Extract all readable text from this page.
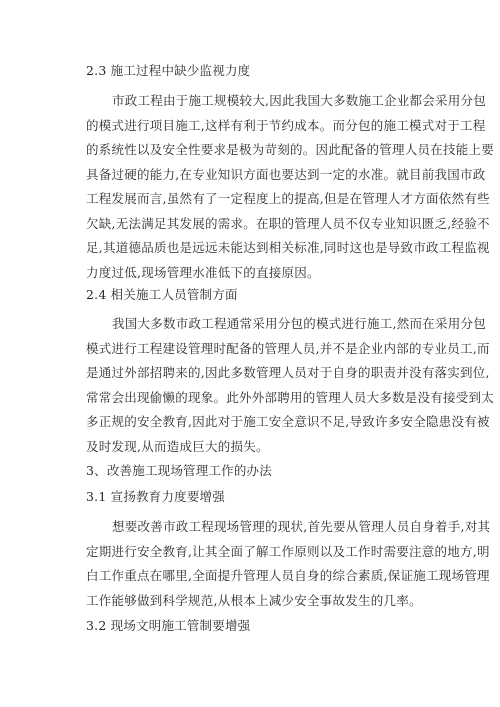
2.3 施工过程中缺少监视力度
市政工程由于施工规模较大,因此我国大多数施工企业都会采用分包
的模式进行项目施工,这样有利于节约成本。而分包的施工模式对于工程
的系统性以及安全性要求是极为苛刻的。因此配备的管理人员在技能上要
具备过硬的能力,在专业知识方面也要达到一定的水准。就目前我国市政
工程发展而言,虽然有了一定程度上的提高,但是在管理人才方面依然有些
欠缺,无法满足其发展的需求。在职的管理人员不仅专业知识匮乏,经验不
足,其道德品质也是远远未能达到相关标准,同时这也是导致市政工程监视
力度过低,现场管理水准低下的直接原因。
2.4 相关施工人员管制方面
我国大多数市政工程通常采用分包的模式进行施工,然而在采用分包
模式进行工程建设管理时配备的管理人员,并不是企业内部的专业员工,而
是通过外部招聘来的,因此多数管理人员对于自身的职责并没有落实到位,
常常会出现偷懒的现象。此外外部聘用的管理人员大多数是没有接受到太
多正规的安全教育,因此对于施工安全意识不足,导致许多安全隐患没有被
及时发现,从而造成巨大的损失。
3、改善施工现场管理工作的办法
3.1 宣扬教育力度要增强
想要改善市政工程现场管理的现状,首先要从管理人员自身着手,对其
定期进行安全教育,让其全面了解工作原则以及工作时需要注意的地方,明
白工作重点在哪里,全面提升管理人员自身的综合素质,保证施工现场管理
工作能够做到科学规范,从根本上减少安全事故发生的几率。
3.2 现场文明施工管制要增强
